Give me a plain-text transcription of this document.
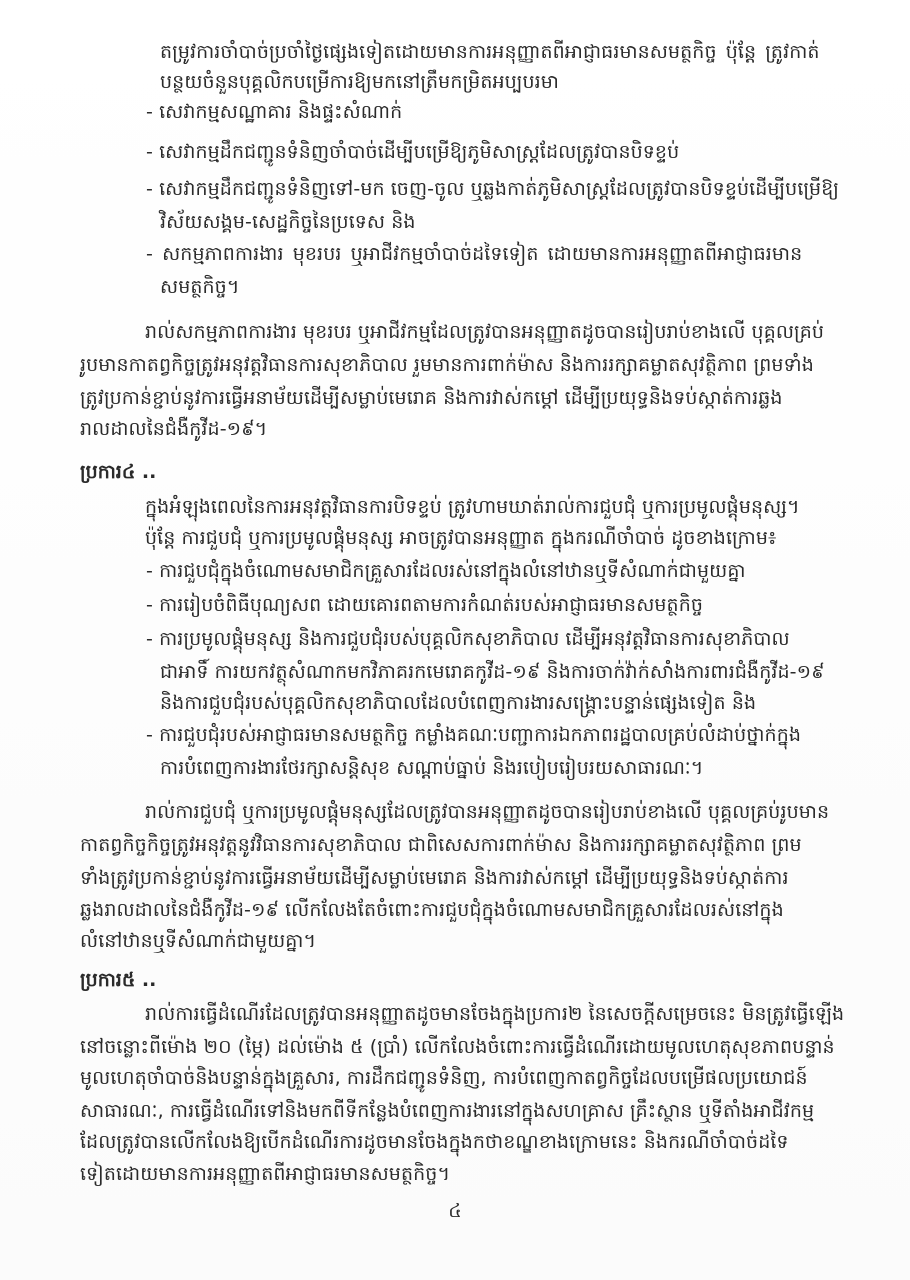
តម្រូវការចាំបាច់ប្រចាំថ្ងៃផ្សេងទៀតដោយមានការអនុញ្ញាតពីអាជ្ញាធរមានសមត្ថកិច្ច ប៉ុន្តែ ត្រូវកាត់

បន្ថយចំនួនបុគ្គលិកបម្រើការឱ្យមកនៅត្រឹមកម្រិតអប្បបរមា

- សេវាកម្មសណ្ឋាគារ និងផ្ទះសំណាក់

- សេវាកម្មដឹកជញ្ជូនទំនិញចាំបាច់ដើម្បីបម្រើឱ្យភូមិសាស្ត្រដែលត្រូវបានបិទខ្ទប់

- សេវាកម្មដឹកជញ្ជូនទំនិញទៅ-មក ចេញ-ចូល ឬឆ្លងកាត់ភូមិសាស្ត្រដែលត្រូវបានបិទខ្ទប់ដើម្បីបម្រើឱ្យ

វិស័យសង្គម-សេដ្ឋកិច្ចនៃប្រទេស និង

- សកម្មភាពការងារ មុខរបរ ឬអាជីវកម្មចាំបាច់ដទៃទៀត ដោយមានការអនុញ្ញាតពីអាជ្ញាធរមាន

សមត្ថកិច្ច។

រាល់សកម្មភាពការងារ មុខរបរ ឬអាជីវកម្មដែលត្រូវបានអនុញ្ញាតដូចបានរៀបរាប់ខាងលើ បុគ្គលគ្រប់

រូបមានកាតព្វកិច្ចត្រូវអនុវត្តវិធានការសុខាភិបាល រួមមានការពាក់ម៉ាស និងការរក្សាគម្លាតសុវត្ថិភាព ព្រមទាំង

ត្រូវប្រកាន់ខ្ជាប់នូវការធ្វើអនាម័យដើម្បីសម្លាប់មេរោគ និងការវាស់កម្ដៅ ដើម្បីប្រយុទ្ធនិងទប់ស្កាត់ការឆ្លង

រាលដាលនៃជំងឺកូវីដ-១៩។

ប្រការ៤ ..

ក្នុងអំឡុងពេលនៃការអនុវត្តវិធានការបិទខ្ទប់ ត្រូវហាមឃាត់រាល់ការជួបជុំ ឬការប្រមូលផ្ដុំមនុស្ស។

ប៉ុន្តែ ការជួបជុំ ឬការប្រមូលផ្ដុំមនុស្ស អាចត្រូវបានអនុញ្ញាត ក្នុងករណីចាំបាច់ ដូចខាងក្រោម៖

- ការជួបជុំក្នុងចំណោមសមាជិកគ្រួសារដែលរស់នៅក្នុងលំនៅឋានឬទីសំណាក់ជាមួយគ្នា

- ការរៀបចំពិធីបុណ្យសព ដោយគោរពតាមការកំណត់របស់អាជ្ញាធរមានសមត្ថកិច្ច

- ការប្រមូលផ្ដុំមនុស្ស និងការជួបជុំរបស់បុគ្គលិកសុខាភិបាល ដើម្បីអនុវត្តវិធានការសុខាភិបាល

ជាអាទិ៍ ការយកវត្ថុសំណាកមកវិភាគរកមេរោគកូវីដ-១៩ និងការចាក់វ៉ាក់សាំងការពារជំងឺកូវីដ-១៩

និងការជួបជុំរបស់បុគ្គលិកសុខាភិបាលដែលបំពេញការងារសង្គ្រោះបន្ទាន់ផ្សេងទៀត និង

- ការជួបជុំរបស់អាជ្ញាធរមានសមត្ថកិច្ច កម្លាំងគណៈបញ្ជាការឯកភាពរដ្ឋបាលគ្រប់លំដាប់ថ្នាក់ក្នុង

ការបំពេញការងារថែរក្សាសន្តិសុខ សណ្តាប់ធ្នាប់ និងរបៀបរៀបរយសាធារណៈ។

រាល់ការជួបជុំ ឬការប្រមូលផ្ដុំមនុស្សដែលត្រូវបានអនុញ្ញាតដូចបានរៀបរាប់ខាងលើ បុគ្គលគ្រប់រូបមាន

កាតព្វកិច្ចកិច្ចត្រូវអនុវត្តនូវវិធានការសុខាភិបាល ជាពិសេសការពាក់ម៉ាស និងការរក្សាគម្លាតសុវត្ថិភាព ព្រម

ទាំងត្រូវប្រកាន់ខ្ជាប់នូវការធ្វើអនាម័យដើម្បីសម្លាប់មេរោគ និងការវាស់កម្ដៅ ដើម្បីប្រយុទ្ធនិងទប់ស្កាត់ការ

ឆ្លងរាលដាលនៃជំងឺកូវីដ-១៩ លើកលែងតែចំពោះការជួបជុំក្នុងចំណោមសមាជិកគ្រួសារដែលរស់នៅក្នុង

លំនៅឋានឬទីសំណាក់ជាមួយគ្នា។

ប្រការ៥ ..

រាល់ការធ្វើដំណើរដែលត្រូវបានអនុញ្ញាតដូចមានចែងក្នុងប្រការ២ នៃសេចក្ដីសម្រេចនេះ មិនត្រូវធ្វើឡើង

នៅចន្លោះពីម៉ោង ២០ (ម្ភៃ) ដល់ម៉ោង ៥ (ប្រាំ) លើកលែងចំពោះការធ្វើដំណើរដោយមូលហេតុសុខភាពបន្ទាន់

មូលហេតុចាំបាច់និងបន្ទាន់ក្នុងគ្រួសារ, ការដឹកជញ្ជូនទំនិញ, ការបំពេញកាតព្វកិច្ចដែលបម្រើផលប្រយោជន៍

សាធារណៈ, ការធ្វើដំណើរទៅនិងមកពីទីកន្លែងបំពេញការងារនៅក្នុងសហគ្រាស គ្រឹះស្ថាន ឬទីតាំងអាជីវកម្ម

ដែលត្រូវបានលើកលែងឱ្យបើកដំណើរការដូចមានចែងក្នុងកថាខណ្ឌខាងក្រោមនេះ និងករណីចាំបាច់ដទៃ

ទៀតដោយមានការអនុញ្ញាតពីអាជ្ញាធរមានសមត្ថកិច្ច។

៤
